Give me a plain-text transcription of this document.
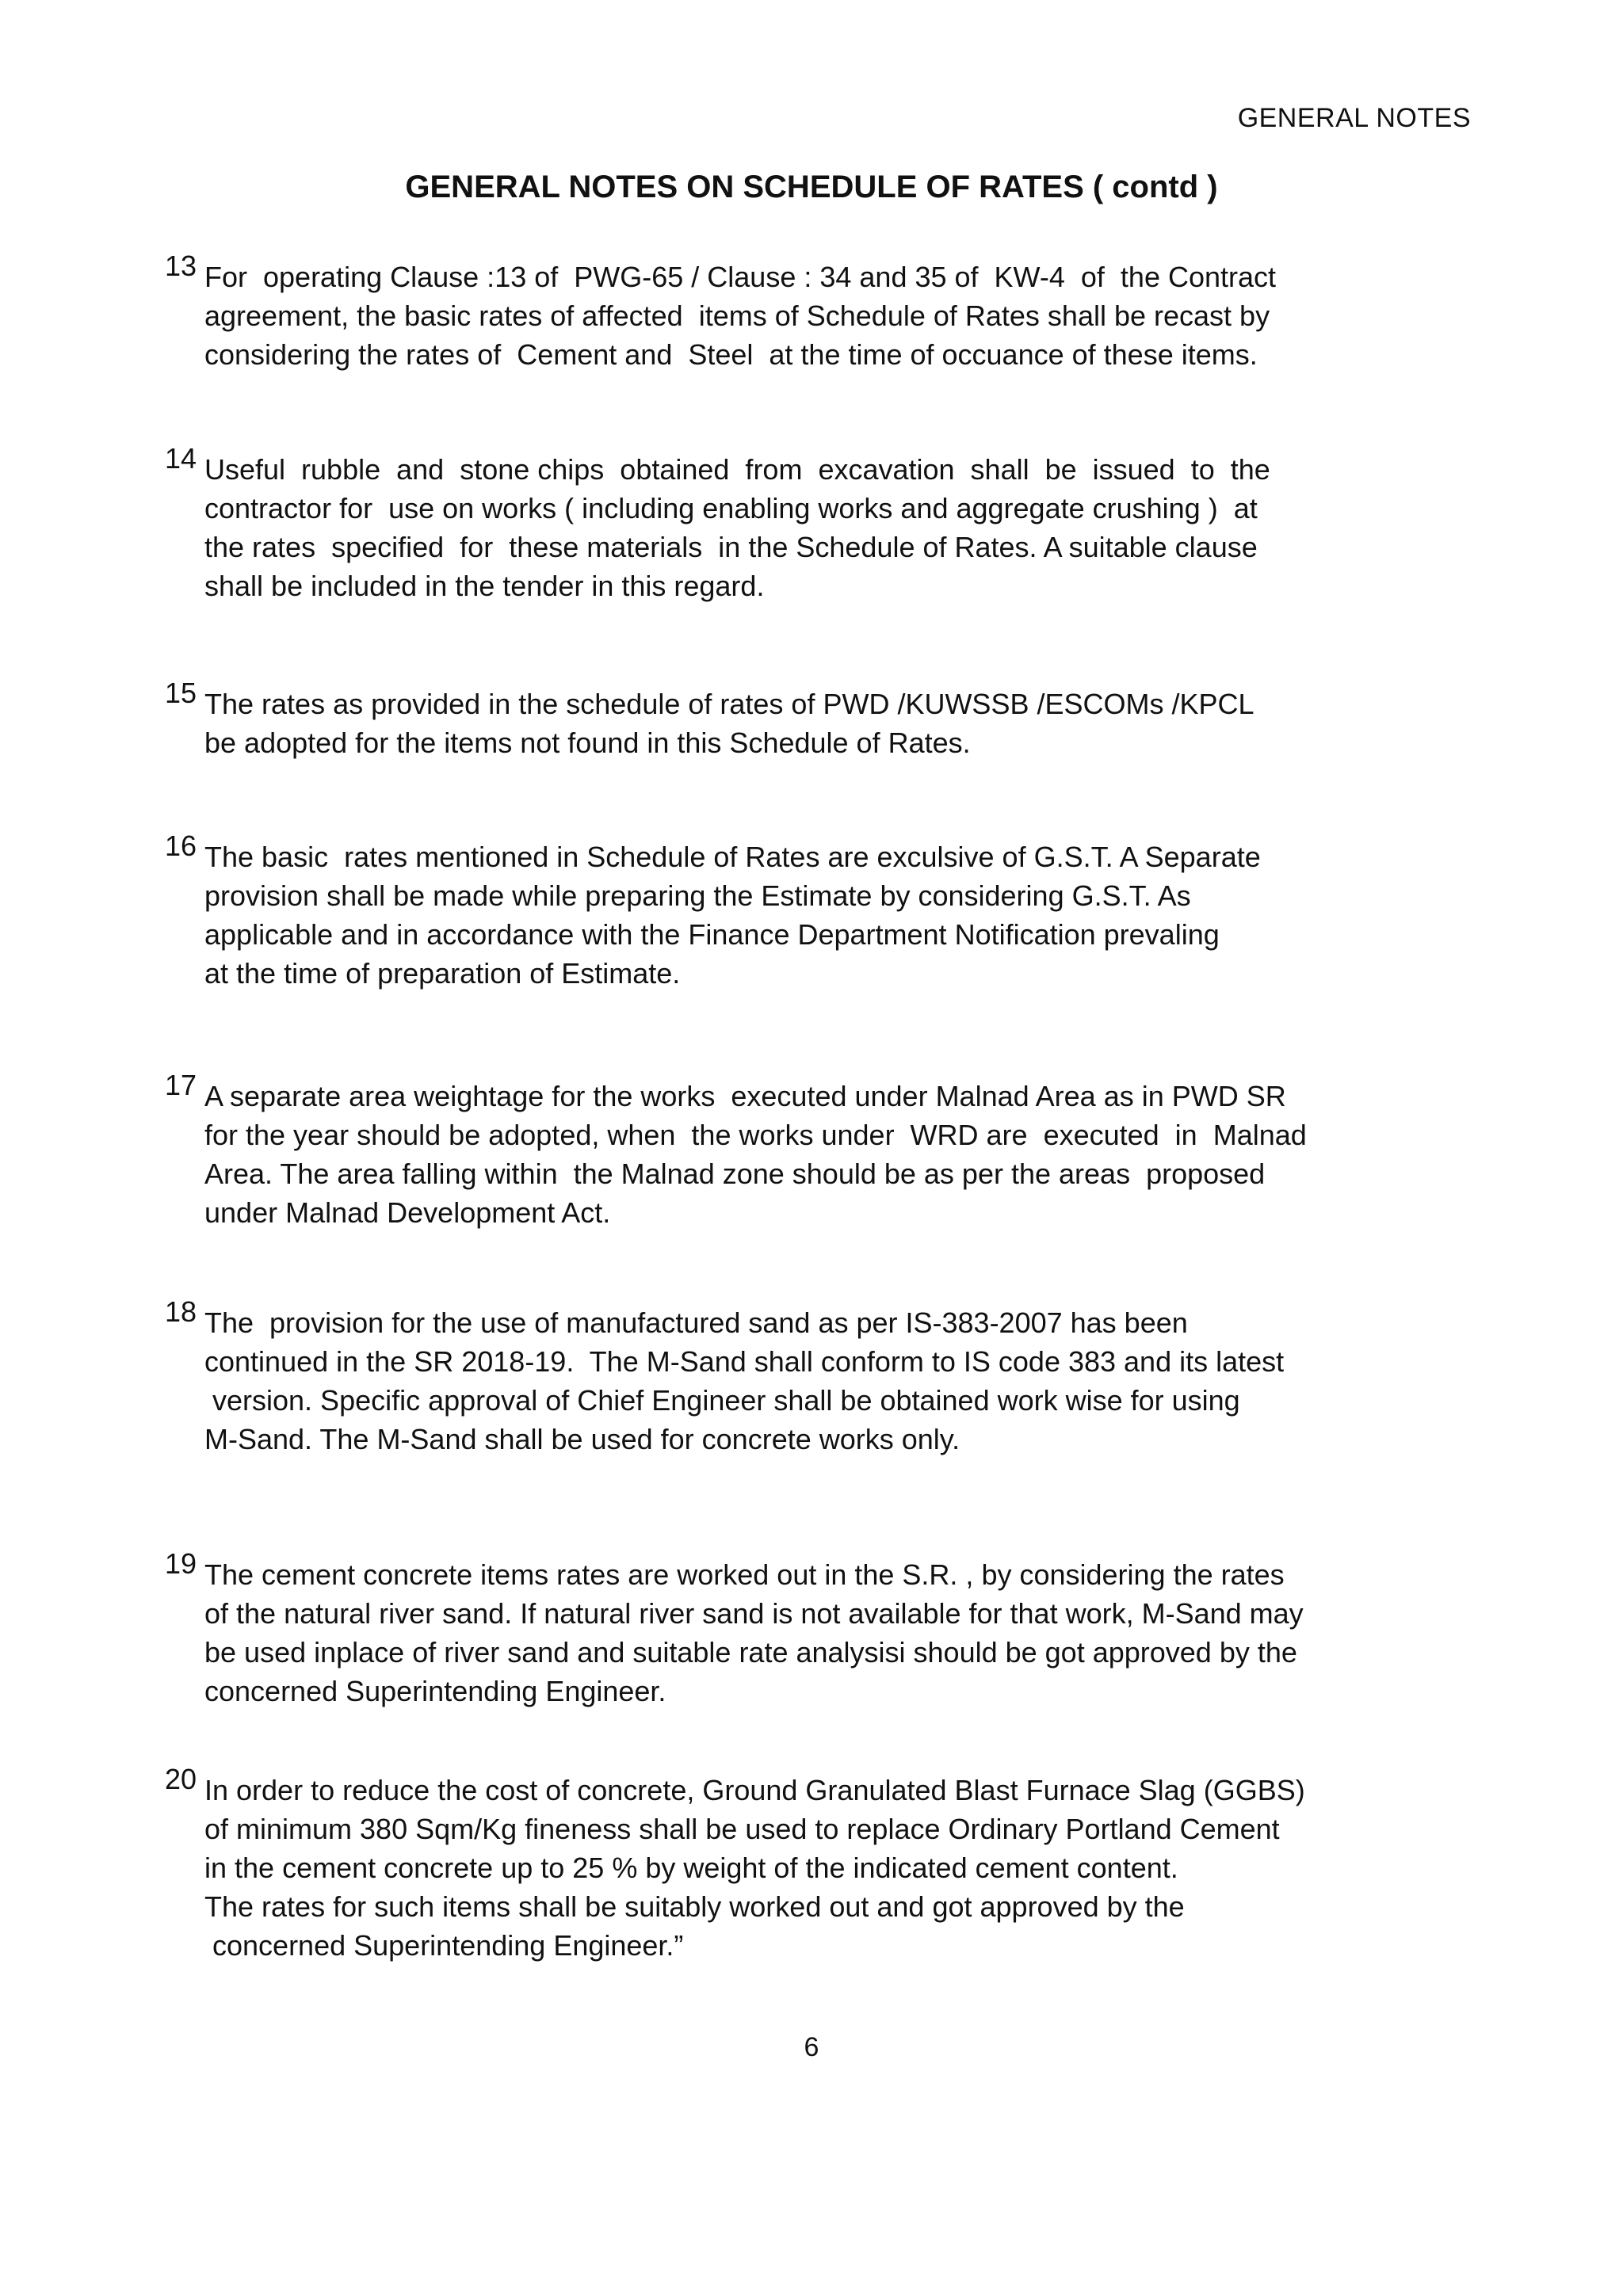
GENERAL NOTES
GENERAL NOTES ON SCHEDULE OF RATES ( contd )
13 For  operating Clause :13 of  PWG-65 / Clause : 34 and 35 of  KW-4  of  the Contract
agreement, the basic rates of affected  items of Schedule of Rates shall be recast by
considering the rates of  Cement and  Steel  at the time of occuance of these items.
14 Useful  rubble  and  stone chips  obtained  from  excavation  shall  be  issued  to  the
contractor for  use on works ( including enabling works and aggregate crushing )  at
the rates  specified  for  these materials  in the Schedule of Rates. A suitable clause
shall be included in the tender in this regard.
15 The rates as provided in the schedule of rates of PWD /KUWSSB /ESCOMs /KPCL
be adopted for the items not found in this Schedule of Rates.
16 The basic  rates mentioned in Schedule of Rates are exculsive of G.S.T. A Separate
provision shall be made while preparing the Estimate by considering G.S.T. As
applicable and in accordance with the Finance Department Notification prevaling
at the time of preparation of Estimate.
17 A separate area weightage for the works  executed under Malnad Area as in PWD SR
for the year should be adopted, when  the works under  WRD are  executed  in  Malnad
Area. The area falling within  the Malnad zone should be as per the areas  proposed
under Malnad Development Act.
18 The  provision for the use of manufactured sand as per IS-383-2007 has been
continued in the SR 2018-19.  The M-Sand shall conform to IS code 383 and its latest
version. Specific approval of Chief Engineer shall be obtained work wise for using
M-Sand. The M-Sand shall be used for concrete works only.
19 The cement concrete items rates are worked out in the S.R. , by considering the rates
of the natural river sand. If natural river sand is not available for that work, M-Sand may
be used inplace of river sand and suitable rate analysisi should be got approved by the
concerned Superintending Engineer.
20 In order to reduce the cost of concrete, Ground Granulated Blast Furnace Slag (GGBS)
of minimum 380 Sqm/Kg fineness shall be used to replace Ordinary Portland Cement
in the cement concrete up to 25 % by weight of the indicated cement content.
The rates for such items shall be suitably worked out and got approved by the
concerned Superintending Engineer.”
6
